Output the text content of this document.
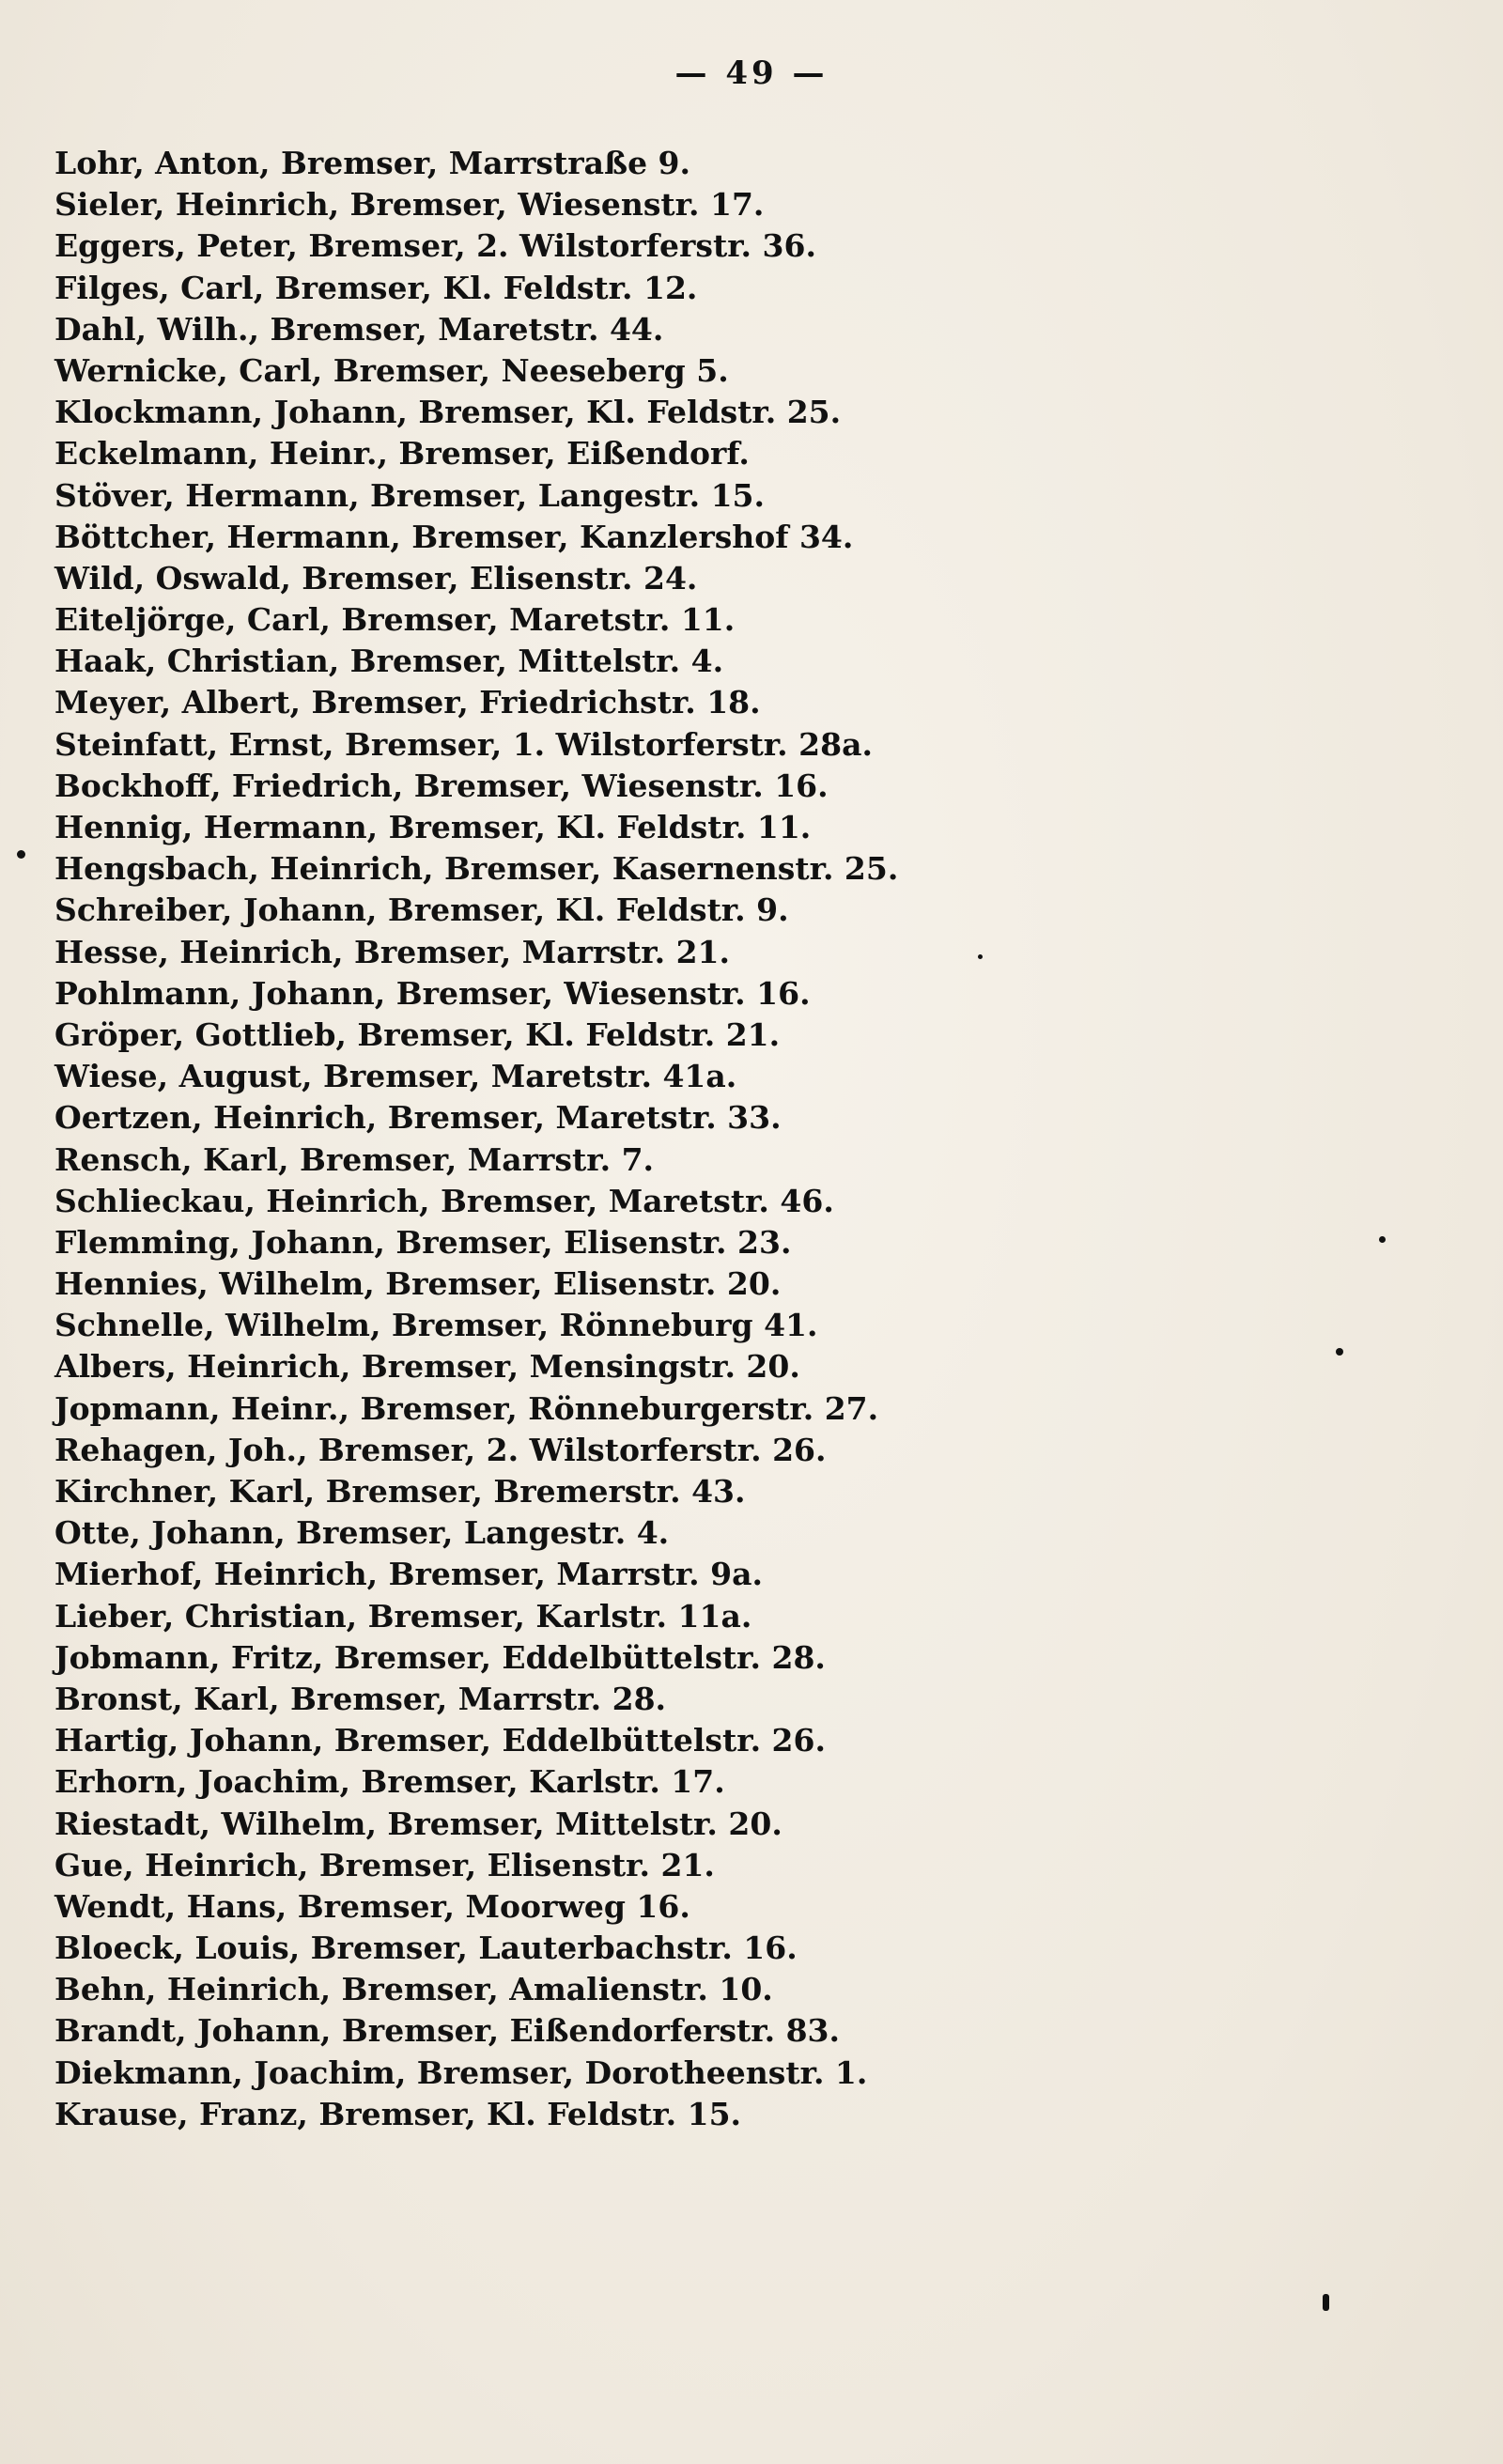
— 49 —
Lohr, Anton, Bremser, Marrstraße 9.
Sieler, Heinrich, Bremser, Wiesenstr. 17.
Eggers, Peter, Bremser, 2. Wilstorferstr. 36.
Filges, Carl, Bremser, Kl. Feldstr. 12.
Dahl, Wilh., Bremser, Maretstr. 44.
Wernicke, Carl, Bremser, Neeseberg 5.
Klockmann, Johann, Bremser, Kl. Feldstr. 25.
Eckelmann, Heinr., Bremser, Eißendorf.
Stöver, Hermann, Bremser, Langestr. 15.
Böttcher, Hermann, Bremser, Kanzlershof 34.
Wild, Oswald, Bremser, Elisenstr. 24.
Eiteljörge, Carl, Bremser, Maretstr. 11.
Haak, Christian, Bremser, Mittelstr. 4.
Meyer, Albert, Bremser, Friedrichstr. 18.
Steinfatt, Ernst, Bremser, 1. Wilstorferstr. 28a.
Bockhoff, Friedrich, Bremser, Wiesenstr. 16.
Hennig, Hermann, Bremser, Kl. Feldstr. 11.
Hengsbach, Heinrich, Bremser, Kasernenstr. 25.
Schreiber, Johann, Bremser, Kl. Feldstr. 9.
Hesse, Heinrich, Bremser, Marrstr. 21.
Pohlmann, Johann, Bremser, Wiesenstr. 16.
Gröper, Gottlieb, Bremser, Kl. Feldstr. 21.
Wiese, August, Bremser, Maretstr. 41a.
Oertzen, Heinrich, Bremser, Maretstr. 33.
Rensch, Karl, Bremser, Marrstr. 7.
Schlieckau, Heinrich, Bremser, Maretstr. 46.
Flemming, Johann, Bremser, Elisenstr. 23.
Hennies, Wilhelm, Bremser, Elisenstr. 20.
Schnelle, Wilhelm, Bremser, Rönneburg 41.
Albers, Heinrich, Bremser, Mensingstr. 20.
Jopmann, Heinr., Bremser, Rönneburgerstr. 27.
Rehagen, Joh., Bremser, 2. Wilstorferstr. 26.
Kirchner, Karl, Bremser, Bremerstr. 43.
Otte, Johann, Bremser, Langestr. 4.
Mierhof, Heinrich, Bremser, Marrstr. 9a.
Lieber, Christian, Bremser, Karlstr. 11a.
Jobmann, Fritz, Bremser, Eddelbüttelstr. 28.
Bronst, Karl, Bremser, Marrstr. 28.
Hartig, Johann, Bremser, Eddelbüttelstr. 26.
Erhorn, Joachim, Bremser, Karlstr. 17.
Riestadt, Wilhelm, Bremser, Mittelstr. 20.
Gue, Heinrich, Bremser, Elisenstr. 21.
Wendt, Hans, Bremser, Moorweg 16.
Bloeck, Louis, Bremser, Lauterbachstr. 16.
Behn, Heinrich, Bremser, Amalienstr. 10.
Brandt, Johann, Bremser, Eißendorferstr. 83.
Diekmann, Joachim, Bremser, Dorotheenstr. 1.
Krause, Franz, Bremser, Kl. Feldstr. 15.
